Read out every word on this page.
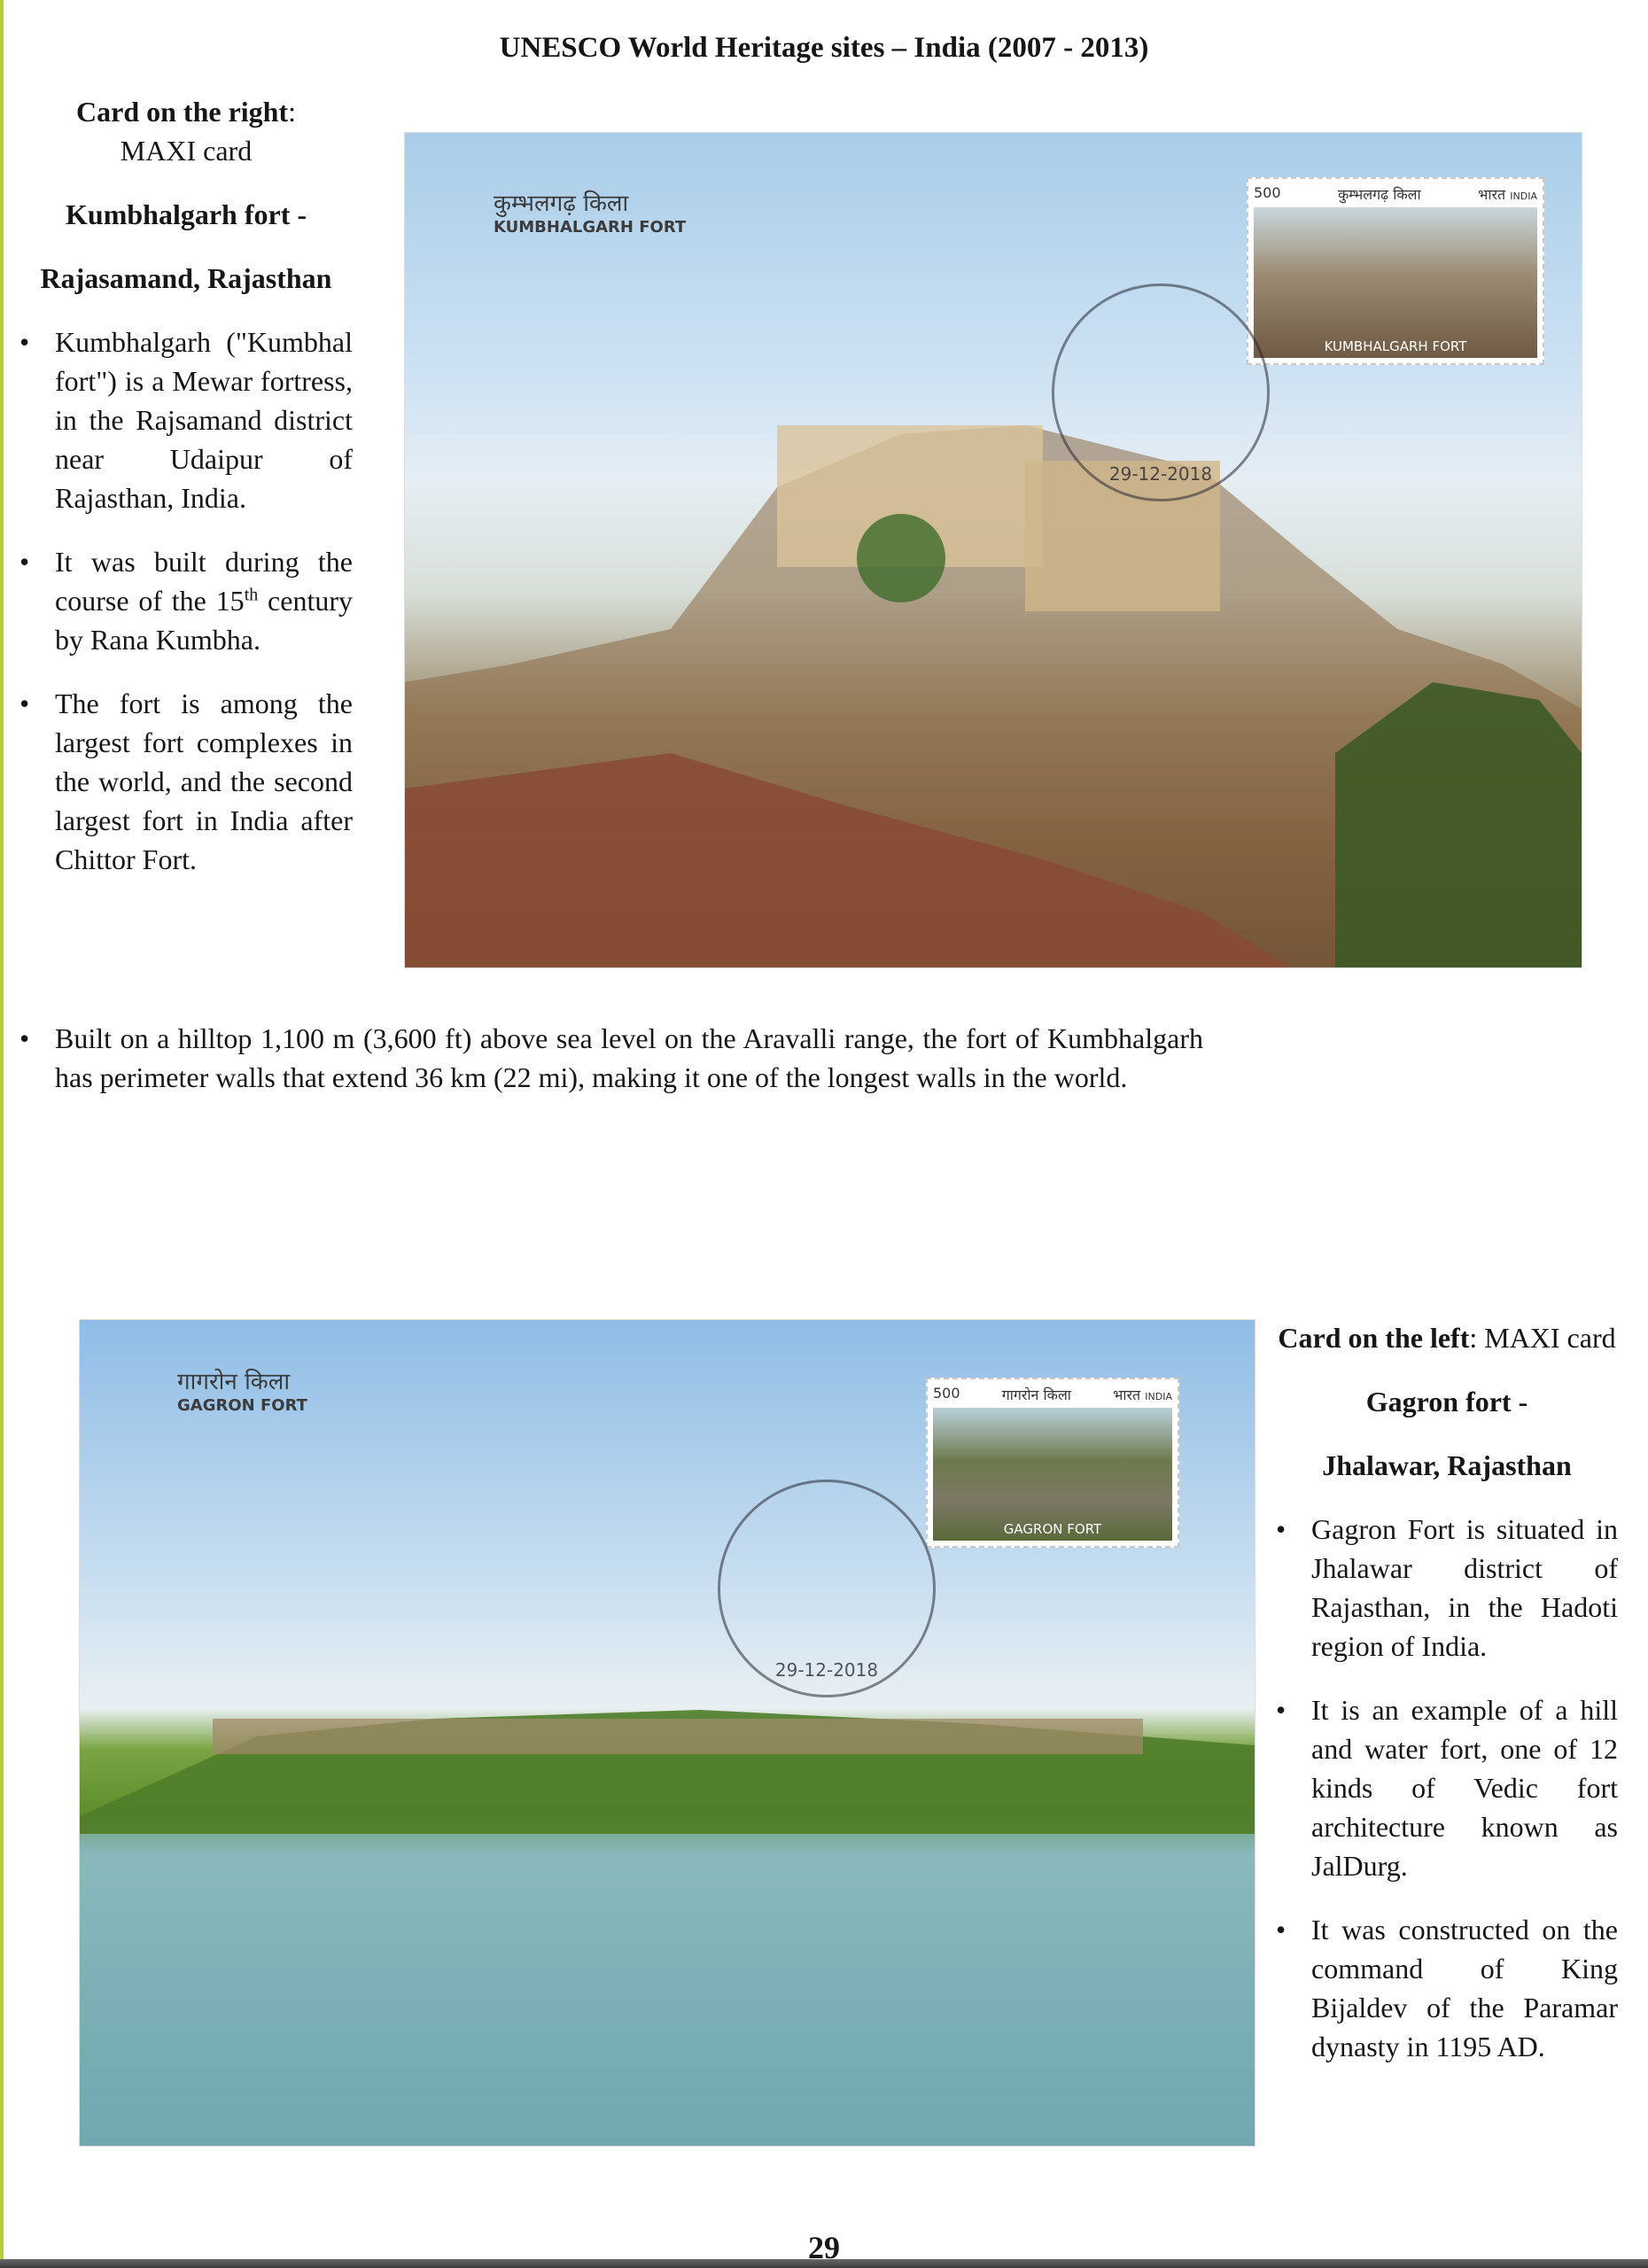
UNESCO World Heritage sites – India (2007 - 2013)
Card on the right:
MAXI card
Kumbhalgarh fort -
Rajasamand, Rajasthan
• Kumbhalgarh ("Kumbhal fort") is a Mewar fortress, in the Rajsamand district near Udaipur of Rajasthan, India.
• It was built during the course of the 15th century by Rana Kumbha.
• The fort is among the largest fort complexes in the world, and the second largest fort in India after Chittor Fort.
• Built on a hilltop 1,100 m (3,600 ft) above sea level on the Aravalli range, the fort of Kumbhalgarh has perimeter walls that extend 36 km (22 mi), making it one of the longest walls in the world.
कुम्भलगढ़ किला
KUMBHALGARH FORT
500	कुम्भलगढ़ किला	भारत INDIA
KUMBHALGARH FORT
29-12-2018
गागरोन किला
GAGRON FORT
500	गागरोन किला	भारत INDIA
GAGRON FORT
29-12-2018
Card on the left: MAXI card
Gagron fort -
Jhalawar, Rajasthan
• Gagron Fort is situated in Jhalawar district of Rajasthan, in the Hadoti region of India.
• It is an example of a hill and water fort, one of 12 kinds of Vedic fort architecture known as JalDurg.
• It was constructed on the command of King Bijaldev of the Paramar dynasty in 1195 AD.
29
